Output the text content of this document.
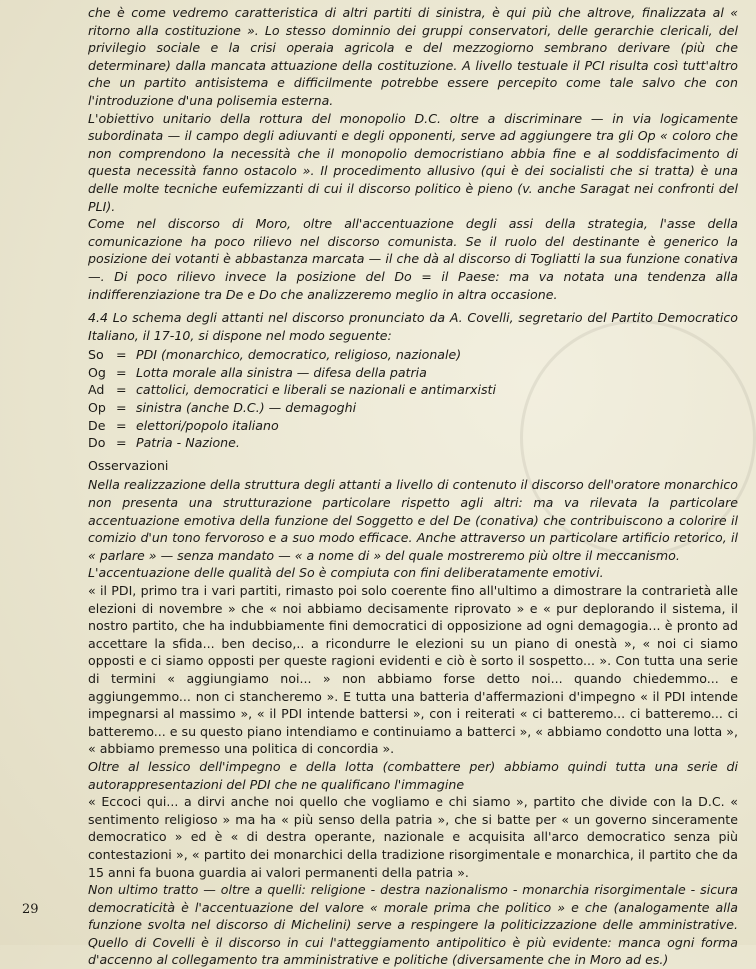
che è come vedremo caratteristica di altri partiti di sinistra, è qui più che altrove, finalizzata al « ritorno alla costituzione ». Lo stesso dominnio dei gruppi conservatori, delle gerarchie clericali, del privilegio sociale e la crisi operaia agricola e del mezzogiorno sembrano derivare (più che determinare) dalla mancata attuazione della costituzione. A livello testuale il PCI risulta così tutt'altro che un partito antisistema e difficilmente potrebbe essere percepito come tale salvo che con l'introduzione d'una polisemia esterna.

L'obiettivo unitario della rottura del monopolio D.C. oltre a discriminare — in via logicamente subordinata — il campo degli adiuvanti e degli opponenti, serve ad aggiungere tra gli Op « coloro che non comprendono la necessità che il monopolio democristiano abbia fine e al soddisfacimento di questa necessità fanno ostacolo ». Il procedimento allusivo (qui è dei socialisti che si tratta) è una delle molte tecniche eufemizzanti di cui il discorso politico è pieno (v. anche Saragat nei confronti del PLI).

Come nel discorso di Moro, oltre all'accentuazione degli assi della strategia, l'asse della comunicazione ha poco rilievo nel discorso comunista. Se il ruolo del destinante è generico la posizione dei votanti è abbastanza marcata — il che dà al discorso di Togliatti la sua funzione conativa —. Di poco rilievo invece la posizione del Do = il Paese: ma va notata una tendenza alla indifferenziazione tra De e Do che analizzeremo meglio in altra occasione.

4.4 Lo schema degli attanti nel discorso pronunciato da A. Covelli, segretario del Partito Democratico Italiano, il 17-10, si dispone nel modo seguente:

So = PDI (monarchico, democratico, religioso, nazionale)
Og = Lotta morale alla sinistra — difesa della patria
Ad = cattolici, democratici e liberali se nazionali e antimarxisti
Op = sinistra (anche D.C.) — demagoghi
De = elettori/popolo italiano
Do = Patria - Nazione.

Osservazioni

Nella realizzazione della struttura degli attanti a livello di contenuto il discorso dell'oratore monarchico non presenta una strutturazione particolare rispetto agli altri: ma va rilevata la particolare accentuazione emotiva della funzione del Soggetto e del De (conativa) che contribuiscono a colorire il comizio d'un tono fervoroso e a suo modo efficace. Anche attraverso un particolare artificio retorico, il « parlare » — senza mandato — « a nome di » del quale mostreremo più oltre il meccanismo.

L'accentuazione delle qualità del So è compiuta con fini deliberatamente emotivi.

« il PDI, primo tra i vari partiti, rimasto poi solo coerente fino all'ultimo a dimostrare la contrarietà alle elezioni di novembre » che « noi abbiamo decisamente riprovato » e « pur deplorando il sistema, il nostro partito, che ha indubbiamente fini democratici di opposizione ad ogni demagogia... è pronto ad accettare la sfida... ben deciso,.. a ricondurre le elezioni su un piano di onestà », « noi ci siamo opposti e ci siamo opposti per queste ragioni evidenti e ciò è sorto il sospetto... ». Con tutta una serie di termini « aggiungiamo noi... » non abbiamo forse detto noi... quando chiedemmo... e aggiungemmo... non ci stancheremo ». E tutta una batteria d'affermazioni d'impegno « il PDI intende impegnarsi al massimo », « il PDI intende battersi », con i reiterati « ci batteremo... ci batteremo... ci batteremo... e su questo piano intendiamo e continuiamo a batterci », « abbiamo condotto una lotta », « abbiamo premesso una politica di concordia ».

Oltre al lessico dell'impegno e della lotta (combattere per) abbiamo quindi tutta una serie di autorappresentazioni del PDI che ne qualificano l'immagine

« Eccoci qui... a dirvi anche noi quello che vogliamo e chi siamo », partito che divide con la D.C. « sentimento religioso » ma ha « più senso della patria », che si batte per « un governo sinceramente democratico » ed è « di destra operante, nazionale e acquisita all'arco democratico senza più contestazioni », « partito dei monarchici della tradizione risorgimentale e monarchica, il partito che da 15 anni fa buona guardia ai valori permanenti della patria ».

Non ultimo tratto — oltre a quelli: religione - destra nazionalismo - monarchia risorgimentale - sicura democraticità è l'accentuazione del valore « morale prima che politico » e che (analogamente alla funzione svolta nel discorso di Michelini) serve a respingere la politicizzazione delle amministrative. Quello di Covelli è il discorso in cui l'atteggiamento antipolitico è più evidente: manca ogni forma d'accenno al collegamento tra amministrative e politiche (diversamente che in Moro ad es.)

29
